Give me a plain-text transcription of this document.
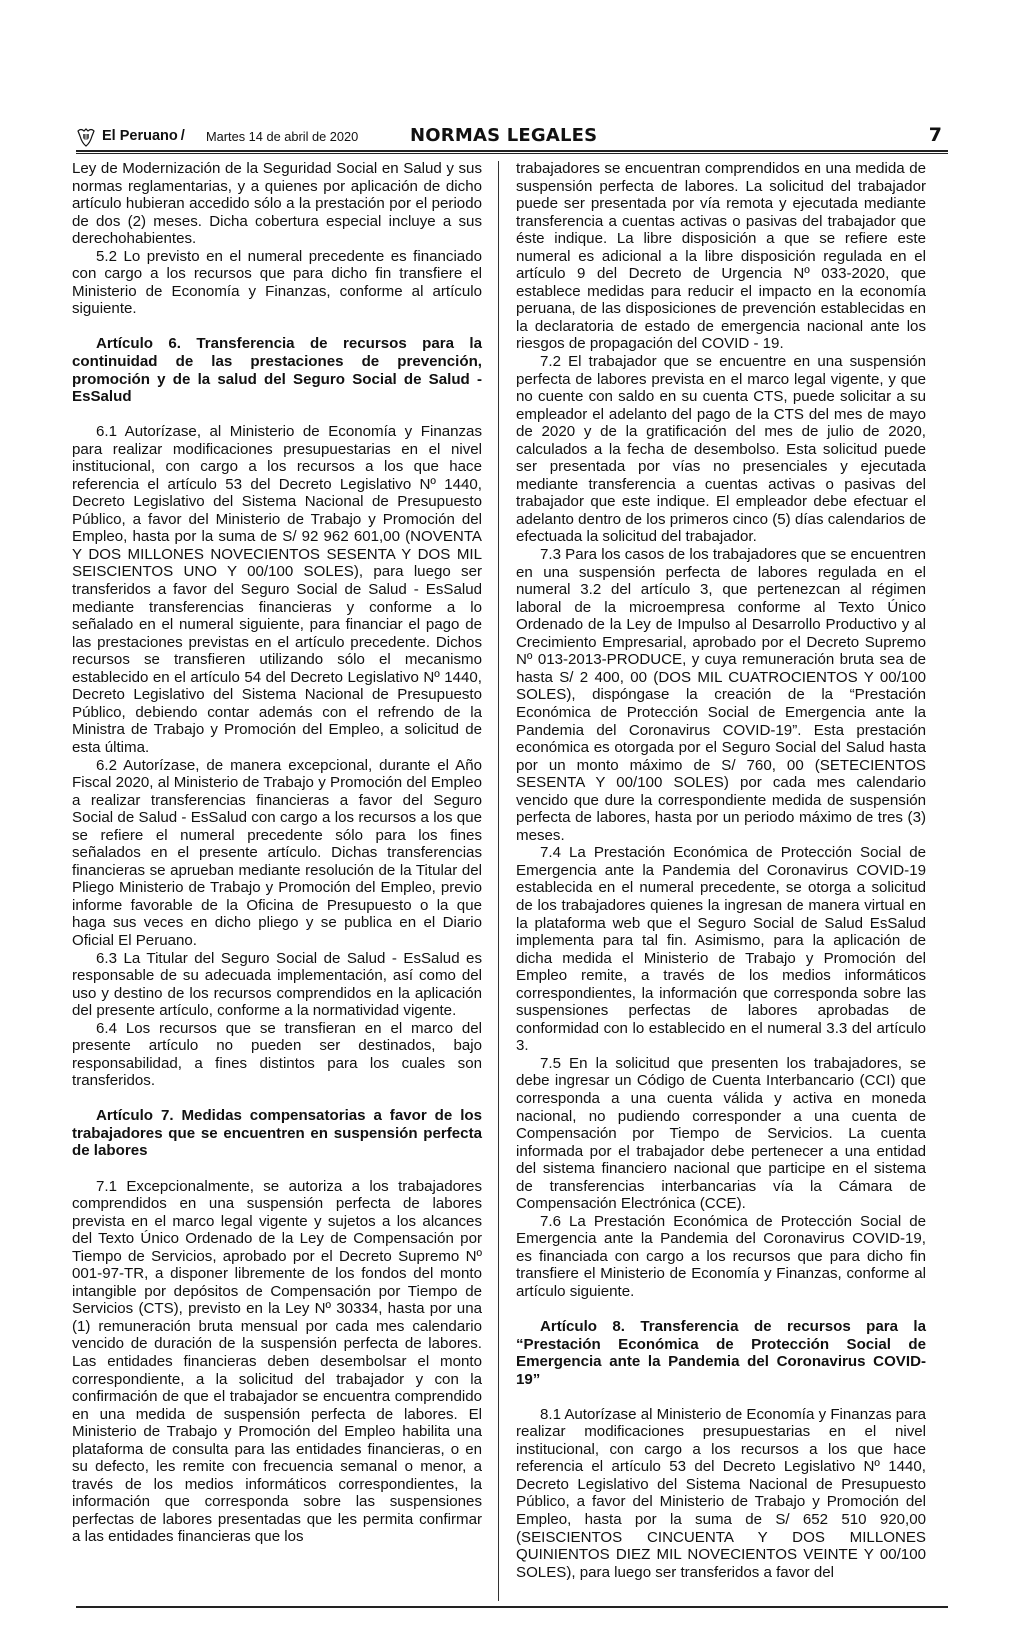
El Peruano / Martes 14 de abril de 2020	NORMAS LEGALES	7

Ley de Modernización de la Seguridad Social en Salud y sus normas reglamentarias, y a quienes por aplicación de dicho artículo hubieran accedido sólo a la prestación por el periodo de dos (2) meses. Dicha cobertura especial incluye a sus derechohabientes.

5.2 Lo previsto en el numeral precedente es financiado con cargo a los recursos que para dicho fin transfiere el Ministerio de Economía y Finanzas, conforme al artículo siguiente.

Artículo 6. Transferencia de recursos para la continuidad de las prestaciones de prevención, promoción y de la salud del Seguro Social de Salud - EsSalud

6.1 Autorízase, al Ministerio de Economía y Finanzas para realizar modificaciones presupuestarias en el nivel institucional, con cargo a los recursos a los que hace referencia el artículo 53 del Decreto Legislativo Nº 1440, Decreto Legislativo del Sistema Nacional de Presupuesto Público, a favor del Ministerio de Trabajo y Promoción del Empleo, hasta por la suma de S/ 92 962 601,00 (NOVENTA Y DOS MILLONES NOVECIENTOS SESENTA Y DOS MIL SEISCIENTOS UNO Y 00/100 SOLES), para luego ser transferidos a favor del Seguro Social de Salud - EsSalud mediante transferencias financieras y conforme a lo señalado en el numeral siguiente, para financiar el pago de las prestaciones previstas en el artículo precedente. Dichos recursos se transfieren utilizando sólo el mecanismo establecido en el artículo 54 del Decreto Legislativo Nº 1440, Decreto Legislativo del Sistema Nacional de Presupuesto Público, debiendo contar además con el refrendo de la Ministra de Trabajo y Promoción del Empleo, a solicitud de esta última.

6.2 Autorízase, de manera excepcional, durante el Año Fiscal 2020, al Ministerio de Trabajo y Promoción del Empleo a realizar transferencias financieras a favor del Seguro Social de Salud - EsSalud con cargo a los recursos a los que se refiere el numeral precedente sólo para los fines señalados en el presente artículo. Dichas transferencias financieras se aprueban mediante resolución de la Titular del Pliego Ministerio de Trabajo y Promoción del Empleo, previo informe favorable de la Oficina de Presupuesto o la que haga sus veces en dicho pliego y se publica en el Diario Oficial El Peruano.

6.3 La Titular del Seguro Social de Salud - EsSalud es responsable de su adecuada implementación, así como del uso y destino de los recursos comprendidos en la aplicación del presente artículo, conforme a la normatividad vigente.

6.4 Los recursos que se transfieran en el marco del presente artículo no pueden ser destinados, bajo responsabilidad, a fines distintos para los cuales son transferidos.

Artículo 7. Medidas compensatorias a favor de los trabajadores que se encuentren en suspensión perfecta de labores

7.1 Excepcionalmente, se autoriza a los trabajadores comprendidos en una suspensión perfecta de labores prevista en el marco legal vigente y sujetos a los alcances del Texto Único Ordenado de la Ley de Compensación por Tiempo de Servicios, aprobado por el Decreto Supremo Nº 001-97-TR, a disponer libremente de los fondos del monto intangible por depósitos de Compensación por Tiempo de Servicios (CTS), previsto en la Ley Nº 30334, hasta por una (1) remuneración bruta mensual por cada mes calendario vencido de duración de la suspensión perfecta de labores. Las entidades financieras deben desembolsar el monto correspondiente, a la solicitud del trabajador y con la confirmación de que el trabajador se encuentra comprendido en una medida de suspensión perfecta de labores. El Ministerio de Trabajo y Promoción del Empleo habilita una plataforma de consulta para las entidades financieras, o en su defecto, les remite con frecuencia semanal o menor, a través de los medios informáticos correspondientes, la información que corresponda sobre las suspensiones perfectas de labores presentadas que les permita confirmar a las entidades financieras que los

trabajadores se encuentran comprendidos en una medida de suspensión perfecta de labores. La solicitud del trabajador puede ser presentada por vía remota y ejecutada mediante transferencia a cuentas activas o pasivas del trabajador que éste indique. La libre disposición a que se refiere este numeral es adicional a la libre disposición regulada en el artículo 9 del Decreto de Urgencia Nº 033-2020, que establece medidas para reducir el impacto en la economía peruana, de las disposiciones de prevención establecidas en la declaratoria de estado de emergencia nacional ante los riesgos de propagación del COVID - 19.

7.2 El trabajador que se encuentre en una suspensión perfecta de labores prevista en el marco legal vigente, y que no cuente con saldo en su cuenta CTS, puede solicitar a su empleador el adelanto del pago de la CTS del mes de mayo de 2020 y de la gratificación del mes de julio de 2020, calculados a la fecha de desembolso. Esta solicitud puede ser presentada por vías no presenciales y ejecutada mediante transferencia a cuentas activas o pasivas del trabajador que este indique. El empleador debe efectuar el adelanto dentro de los primeros cinco (5) días calendarios de efectuada la solicitud del trabajador.

7.3 Para los casos de los trabajadores que se encuentren en una suspensión perfecta de labores regulada en el numeral 3.2 del artículo 3, que pertenezcan al régimen laboral de la microempresa conforme al Texto Único Ordenado de la Ley de Impulso al Desarrollo Productivo y al Crecimiento Empresarial, aprobado por el Decreto Supremo Nº 013-2013-PRODUCE, y cuya remuneración bruta sea de hasta S/ 2 400, 00 (DOS MIL CUATROCIENTOS Y 00/100 SOLES), dispóngase la creación de la “Prestación Económica de Protección Social de Emergencia ante la Pandemia del Coronavirus COVID-19”. Esta prestación económica es otorgada por el Seguro Social del Salud hasta por un monto máximo de S/ 760, 00 (SETECIENTOS SESENTA Y 00/100 SOLES) por cada mes calendario vencido que dure la correspondiente medida de suspensión perfecta de labores, hasta por un periodo máximo de tres (3) meses.

7.4 La Prestación Económica de Protección Social de Emergencia ante la Pandemia del Coronavirus COVID-19 establecida en el numeral precedente, se otorga a solicitud de los trabajadores quienes la ingresan de manera virtual en la plataforma web que el Seguro Social de Salud EsSalud implementa para tal fin. Asimismo, para la aplicación de dicha medida el Ministerio de Trabajo y Promoción del Empleo remite, a través de los medios informáticos correspondientes, la información que corresponda sobre las suspensiones perfectas de labores aprobadas de conformidad con lo establecido en el numeral 3.3 del artículo 3.

7.5 En la solicitud que presenten los trabajadores, se debe ingresar un Código de Cuenta Interbancario (CCI) que corresponda a una cuenta válida y activa en moneda nacional, no pudiendo corresponder a una cuenta de Compensación por Tiempo de Servicios. La cuenta informada por el trabajador debe pertenecer a una entidad del sistema financiero nacional que participe en el sistema de transferencias interbancarias vía la Cámara de Compensación Electrónica (CCE).

7.6 La Prestación Económica de Protección Social de Emergencia ante la Pandemia del Coronavirus COVID-19, es financiada con cargo a los recursos que para dicho fin transfiere el Ministerio de Economía y Finanzas, conforme al artículo siguiente.

Artículo 8. Transferencia de recursos para la “Prestación Económica de Protección Social de Emergencia ante la Pandemia del Coronavirus COVID-19”

8.1 Autorízase al Ministerio de Economía y Finanzas para realizar modificaciones presupuestarias en el nivel institucional, con cargo a los recursos a los que hace referencia el artículo 53 del Decreto Legislativo Nº 1440, Decreto Legislativo del Sistema Nacional de Presupuesto Público, a favor del Ministerio de Trabajo y Promoción del Empleo, hasta por la suma de S/ 652 510 920,00 (SEISCIENTOS CINCUENTA Y DOS MILLONES QUINIENTOS DIEZ MIL NOVECIENTOS VEINTE Y 00/100 SOLES), para luego ser transferidos a favor del
